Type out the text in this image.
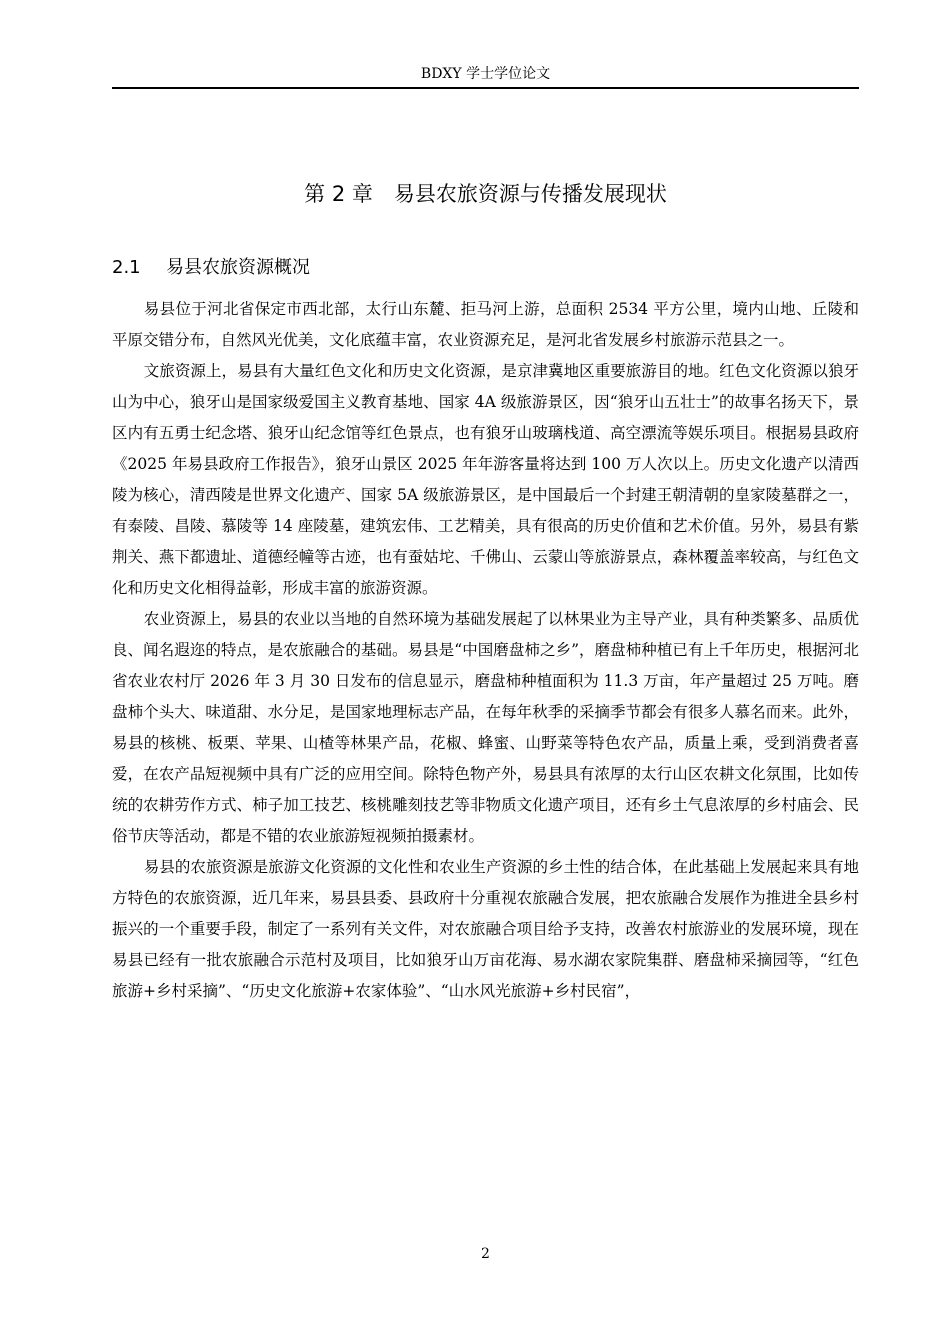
BDXY 学士学位论文
第 2 章　易县农旅资源与传播发展现状
2.1 易县农旅资源概况

易县位于河北省保定市西北部，太行山东麓、拒马河上游，总面积 2534 平方公里，境内山地、丘陵和平原交错分布，自然风光优美，文化底蕴丰富，农业资源充足，是河北省发展乡村旅游示范县之一。

文旅资源上，易县有大量红色文化和历史文化资源，是京津冀地区重要旅游目的地。红色文化资源以狼牙山为中心，狼牙山是国家级爱国主义教育基地、国家 4A 级旅游景区，因“狼牙山五壮士”的故事名扬天下，景区内有五勇士纪念塔、狼牙山纪念馆等红色景点，也有狼牙山玻璃栈道、高空漂流等娱乐项目。根据易县政府《2025 年易县政府工作报告》，狼牙山景区 2025 年年游客量将达到 100 万人次以上。历史文化遗产以清西陵为核心，清西陵是世界文化遗产、国家 5A 级旅游景区，是中国最后一个封建王朝清朝的皇家陵墓群之一，有泰陵、昌陵、慕陵等 14 座陵墓，建筑宏伟、工艺精美，具有很高的历史价值和艺术价值。另外，易县有紫荆关、燕下都遗址、道德经幢等古迹，也有蚕姑坨、千佛山、云蒙山等旅游景点，森林覆盖率较高，与红色文化和历史文化相得益彰，形成丰富的旅游资源。

农业资源上，易县的农业以当地的自然环境为基础发展起了以林果业为主导产业，具有种类繁多、品质优良、闻名遐迩的特点，是农旅融合的基础。易县是“中国磨盘柿之乡”，磨盘柿种植已有上千年历史，根据河北省农业农村厅 2026 年 3 月 30 日发布的信息显示，磨盘柿种植面积为 11.3 万亩，年产量超过 25 万吨。磨盘柿个头大、味道甜、水分足，是国家地理标志产品，在每年秋季的采摘季节都会有很多人慕名而来。此外，易县的核桃、板栗、苹果、山楂等林果产品，花椒、蜂蜜、山野菜等特色农产品，质量上乘，受到消费者喜爱，在农产品短视频中具有广泛的应用空间。除特色物产外，易县具有浓厚的太行山区农耕文化氛围，比如传统的农耕劳作方式、柿子加工技艺、核桃雕刻技艺等非物质文化遗产项目，还有乡土气息浓厚的乡村庙会、民俗节庆等活动，都是不错的农业旅游短视频拍摄素材。

易县的农旅资源是旅游文化资源的文化性和农业生产资源的乡土性的结合体，在此基础上发展起来具有地方特色的农旅资源，近几年来，易县县委、县政府十分重视农旅融合发展，把农旅融合发展作为推进全县乡村振兴的一个重要手段，制定了一系列有关文件，对农旅融合项目给予支持，改善农村旅游业的发展环境，现在易县已经有一批农旅融合示范村及项目，比如狼牙山万亩花海、易水湖农家院集群、磨盘柿采摘园等，“红色旅游+乡村采摘”、“历史文化旅游+农家体验”、“山水风光旅游+乡村民宿”，

2
